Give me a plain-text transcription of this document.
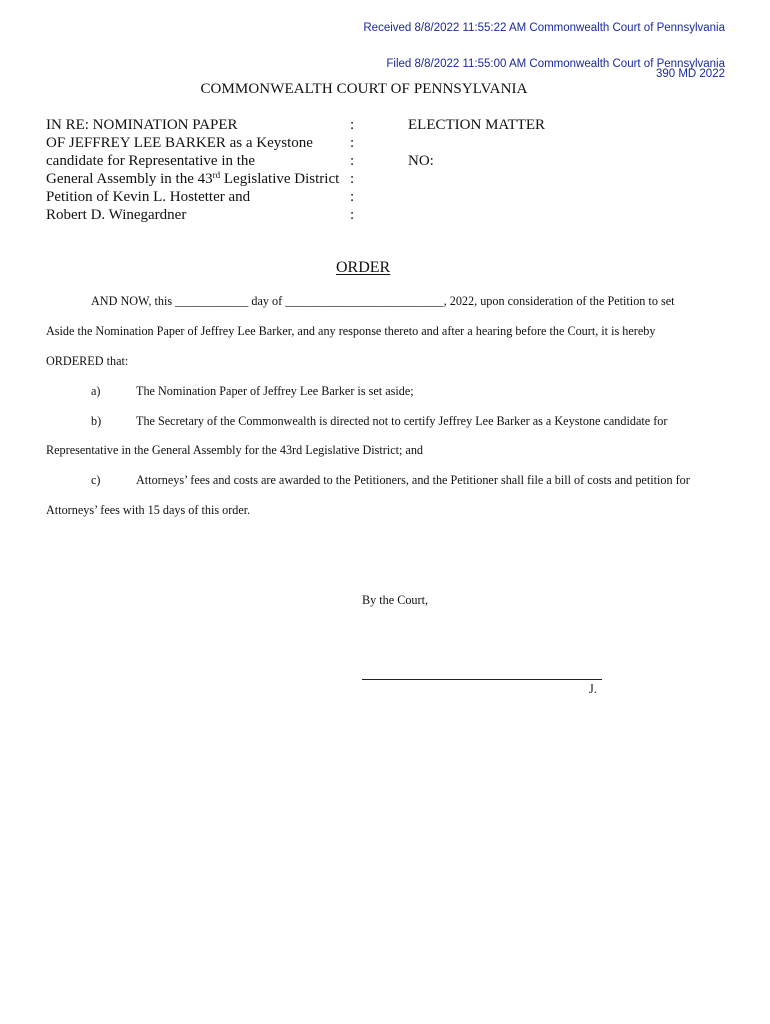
Received 8/8/2022 11:55:22 AM Commonwealth Court of Pennsylvania
Filed 8/8/2022 11:55:00 AM Commonwealth Court of Pennsylvania
390 MD 2022
COMMONWEALTH COURT OF PENNSYLVANIA
IN RE: NOMINATION PAPER	:	ELECTION MATTER
OF JEFFREY LEE BARKER as a Keystone	:
candidate for Representative in the	:	NO:
General Assembly in the 43rd Legislative District :
Petition of Kevin L. Hostetter and	:
Robert D. Winegardner	:
ORDER
AND NOW, this ____________ day of __________________________, 2022, upon consideration of the Petition to set
Aside the Nomination Paper of Jeffrey Lee Barker, and any response thereto and after a hearing before the Court, it is hereby
ORDERED that:
a)	The Nomination Paper of Jeffrey Lee Barker is set aside;
b)	The Secretary of the Commonwealth is directed not to certify Jeffrey Lee Barker as a Keystone candidate for
Representative in the General Assembly for the 43rd Legislative District; and
c)	Attorneys’ fees and costs are awarded to the Petitioners, and the Petitioner shall file a bill of costs and petition for
Attorneys’ fees with 15 days of this order.
By the Court,
J.
